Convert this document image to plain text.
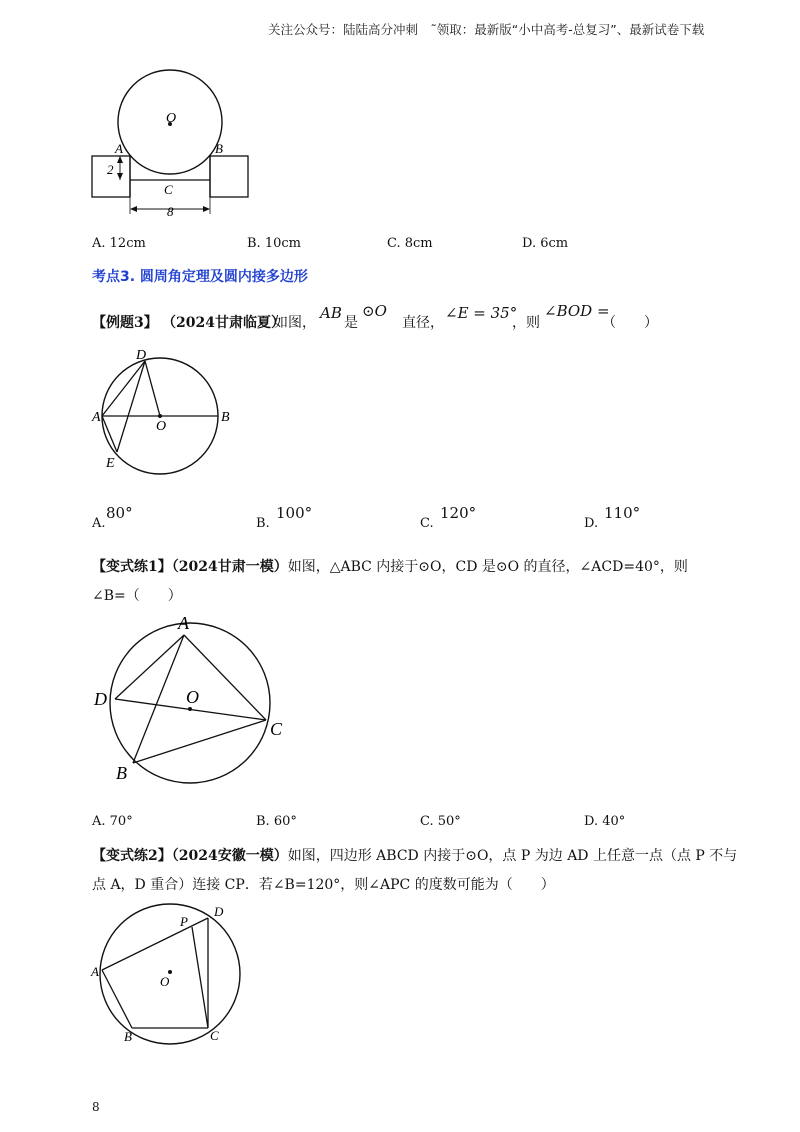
关注公众号：陆陆高分冲刺　˜领取：最新版“小中高考-总复习”、最新试卷下载
O
A	B
C
2
8
A. 12cm	B. 10cm	C. 8cm	D. 6cm
考点3. 圆周角定理及圆内接多边形
【例题3】 （2024甘肃临夏）
如图，
AB
是
⊙O
直径，
∠E = 35°
，则
∠BOD =
（　　）
D
A
O
B
E
A.
80°
B.
100°
C.
120°
D.
110°
【变式练1】（2024甘肃一模）如图，△ABC 内接于⊙O，CD 是⊙O 的直径，∠ACD=40°，则
∠B=（　　）
A
D	O
C
B
A. 70°	B. 60°	C. 50°	D. 40°
【变式练2】（2024安徽一模）如图，四边形 ABCD 内接于⊙O，点 P 为边 AD 上任意一点（点 P 不与
点 A，D 重合）连接 CP．若∠B=120°，则∠APC 的度数可能为（　　）
D
P
A
O
B	C
8
